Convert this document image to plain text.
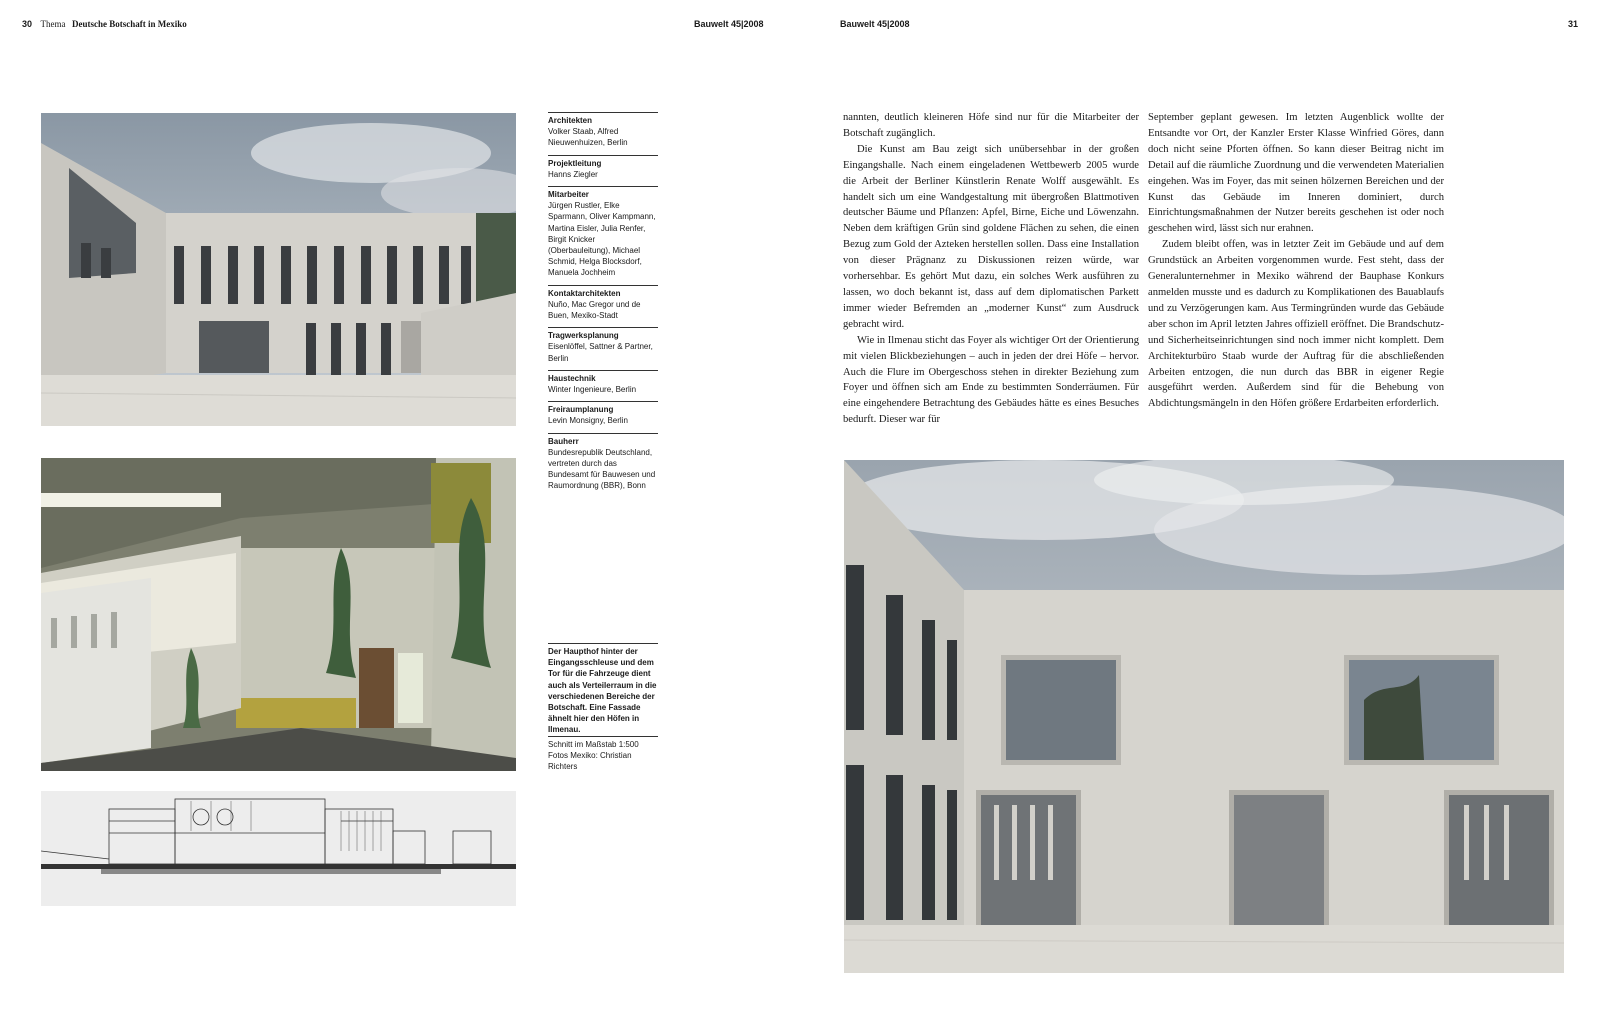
30 Thema Deutsche Botschaft in Mexiko	Bauwelt 45|2008	Bauwelt 45|2008	31
Architekten
Volker Staab, Alfred Nieuwenhuizen, Berlin
Projektleitung
Hanns Ziegler
Mitarbeiter
Jürgen Rustler, Elke Sparmann, Oliver Kampmann, Martina Eisler, Julia Renfer, Birgit Knicker (Oberbauleitung), Michael Schmid, Helga Blocksdorf, Manuela Jochheim
Kontaktarchitekten
Nuño, Mac Gregor und de Buen, Mexiko-Stadt
Tragwerksplanung
Eisenlöffel, Sattner & Partner, Berlin
Haustechnik
Winter Ingenieure, Berlin
Freiraumplanung
Levin Monsigny, Berlin
Bauherr
Bundesrepublik Deutschland, vertreten durch das Bundesamt für Bauwesen und Raumordnung (BBR), Bonn
Der Haupthof hinter der Eingangsschleuse und dem Tor für die Fahrzeuge dient auch als Verteilerraum in die verschiedenen Bereiche der Botschaft. Eine Fassade ähnelt hier den Höfen in Ilmenau.
Schnitt im Maßstab 1:500 Fotos Mexiko: Christian Richters

nannten, deutlich kleineren Höfe sind nur für die Mitarbeiter der Botschaft zugänglich.

Die Kunst am Bau zeigt sich unübersehbar in der großen Eingangshalle. Nach einem eingeladenen Wettbewerb 2005 wurde die Arbeit der Berliner Künstlerin Renate Wolff ausgewählt. Es handelt sich um eine Wandgestaltung mit übergroßen Blattmotiven deutscher Bäume und Pflanzen: Apfel, Birne, Eiche und Löwenzahn. Neben dem kräftigen Grün sind goldene Flächen zu sehen, die einen Bezug zum Gold der Azteken herstellen sollen. Dass eine Installation von dieser Prägnanz zu Diskussionen reizen würde, war vorhersehbar. Es gehört Mut dazu, ein solches Werk ausführen zu lassen, wo doch bekannt ist, dass auf dem diplomatischen Parkett immer wieder Befremden an „moderner Kunst“ zum Ausdruck gebracht wird.

Wie in Ilmenau sticht das Foyer als wichtiger Ort der Orientierung mit vielen Blickbeziehungen – auch in jeden der drei Höfe – hervor. Auch die Flure im Obergeschoss stehen in direkter Beziehung zum Foyer und öffnen sich am Ende zu bestimmten Sonderräumen. Für eine eingehendere Betrachtung des Gebäudes hätte es eines Besuches bedurft. Dieser war für

September geplant gewesen. Im letzten Augenblick wollte der Entsandte vor Ort, der Kanzler Erster Klasse Winfried Göres, dann doch nicht seine Pforten öffnen. So kann dieser Beitrag nicht im Detail auf die räumliche Zuordnung und die verwendeten Materialien eingehen. Was im Foyer, das mit seinen hölzernen Bereichen und der Kunst das Gebäude im Inneren dominiert, durch Einrichtungsmaßnahmen der Nutzer bereits geschehen ist oder noch geschehen wird, lässt sich nur erahnen.

Zudem bleibt offen, was in letzter Zeit im Gebäude und auf dem Grundstück an Arbeiten vorgenommen wurde. Fest steht, dass der Generalunternehmer in Mexiko während der Bauphase Konkurs anmelden musste und es dadurch zu Komplikationen des Bauablaufs und zu Verzögerungen kam. Aus Termingründen wurde das Gebäude aber schon im April letzten Jahres offiziell eröffnet. Die Brandschutz- und Sicherheitseinrichtungen sind noch immer nicht komplett. Dem Architekturbüro Staab wurde der Auftrag für die abschließenden Arbeiten entzogen, die nun durch das BBR in eigener Regie ausgeführt werden. Außerdem sind für die Behebung von Abdichtungsmängeln in den Höfen größere Erdarbeiten erforderlich.
